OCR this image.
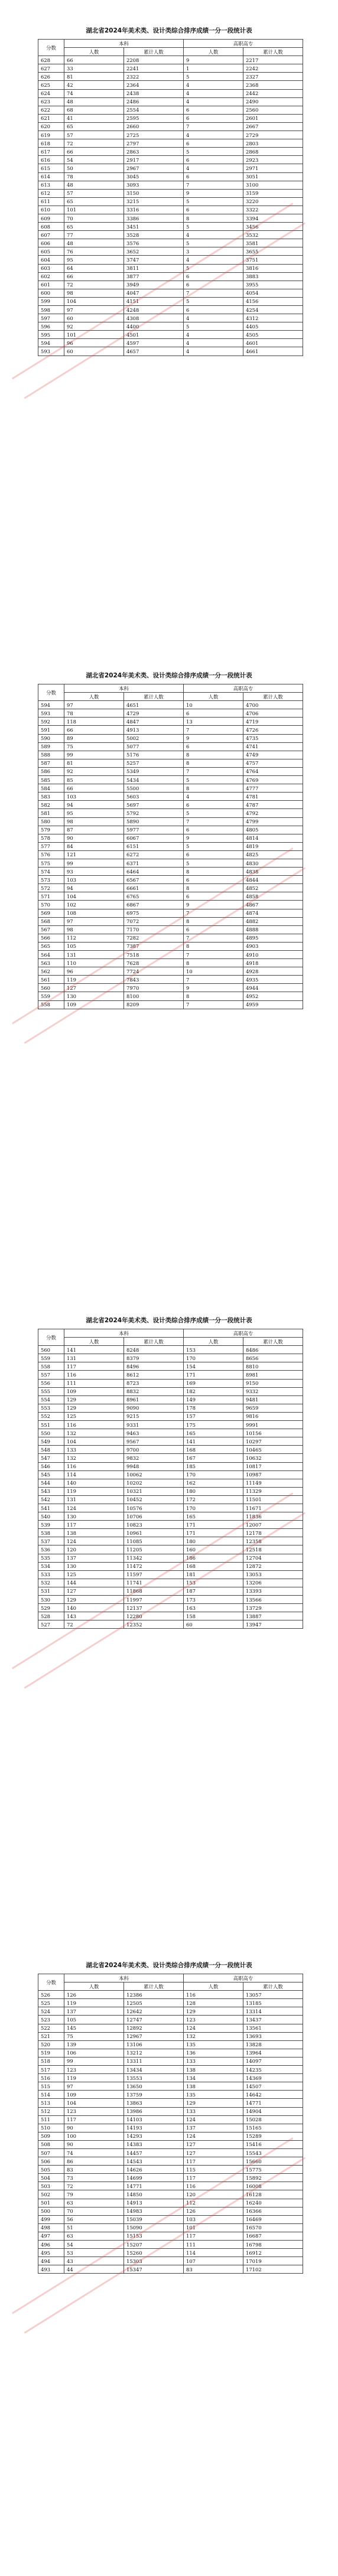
湖北省2024年美术类、设计类综合排序成绩一分一段统计表
分数	本科		高职高专	
	人数	累计人数	人数	累计人数
628	66	2208	9	2217
627	33	2241	1	2242
626	81	2322	5	2327
625	42	2364	4	2368
624	74	2438	4	2442
623	48	2486	4	2490
622	68	2554	6	2560
621	41	2595	6	2601
620	65	2660	7	2667
619	57	2725	4	2729
618	72	2797	6	2803
617	66	2863	5	2868
616	54	2917	6	2923
615	50	2967	4	2971
614	78	3045	6	3051
613	48	3093	7	3100
612	57	3150	9	3159
611	65	3215	5	3220
610	101	3316	6	3322
609	70	3386	8	3394
608	65	3451	5	3456
607	77	3528	4	3532
606	48	3576	5	3581
605	76	3652	3	3655
604	95	3747	4	3751
603	64	3811	5	3816
602	66	3877	6	3883
601	72	3949	6	3955
600	98	4047	7	4054
599	104	4151	5	4156
598	97	4248	6	4254
597	60	4308	4	4312
596	92	4400	5	4405
595	101	4501	4	4505
594	96	4597	4	4601
593	60	4657	4	4661
湖北省2024年美术类、设计类综合排序成绩一分一段统计表
分数	本科		高职高专	
	人数	累计人数	人数	累计人数
594	97	4651	10	4700
593	78	4729	6	4706
592	118	4847	13	4719
591	66	4913	7	4726
590	89	5002	9	4735
589	75	5077	6	4741
588	99	5176	8	4749
587	81	5257	8	4757
586	92	5349	7	4764
585	85	5434	5	4769
584	66	5500	8	4777
583	103	5603	4	4781
582	94	5697	6	4787
581	95	5792	5	4792
580	98	5890	7	4799
579	87	5977	6	4805
578	90	6067	9	4814
577	84	6151	5	4819
576	121	6272	6	4825
575	99	6371	5	4830
574	93	6464	8	4838
573	103	6567	6	4844
572	94	6661	8	4852
571	104	6765	6	4858
570	102	6867	9	4867
569	108	6975	7	4874
568	97	7072	8	4882
567	98	7170	6	4888
566	112	7282	7	4895
565	105	7387	8	4903
564	131	7518	7	4910
563	110	7628	8	4918
562	96	7724	10	4928
561	119	7843	7	4935
560	127	7970	9	4944
559	130	8100	8	4952
558	109	8209	7	4959
湖北省2024年美术类、设计类综合排序成绩一分一段统计表
分数	本科		高职高专	
	人数	累计人数	人数	累计人数
560	141	8248	153	8486
559	131	8379	170	8656
558	117	8496	154	8810
557	116	8612	171	8981
556	111	8723	169	9150
555	109	8832	182	9332
554	129	8961	149	9481
553	129	9090	178	9659
552	125	9215	157	9816
551	116	9331	175	9991
550	132	9463	165	10156
549	104	9567	141	10297
548	133	9700	168	10465
547	132	9832	167	10632
546	116	9948	185	10817
545	114	10062	170	10987
544	140	10202	162	11149
543	119	10321	180	11329
542	131	10452	172	11501
541	124	10576	170	11671
540	130	10706	165	11836
539	117	10823	171	12007
538	138	10961	171	12178
537	124	11085	180	12358
536	120	11205	160	12518
535	137	11342	186	12704
534	130	11472	168	12872
533	125	11597	181	13053
532	144	11741	153	13206
531	127	11868	187	13393
530	129	11997	173	13566
529	140	12137	163	13729
528	143	12280	158	13887
527	72	12352	60	13947
湖北省2024年美术类、设计类综合排序成绩一分一段统计表
分数	本科		高职高专	
	人数	累计人数	人数	累计人数
526	126	12386	116	13057
525	119	12505	128	13185
524	137	12642	129	13314
523	105	12747	123	13437
522	145	12892	124	13561
521	75	12967	132	13693
520	139	13106	135	13828
519	106	13212	136	13964
518	99	13311	133	14097
517	123	13434	138	14235
516	119	13553	134	14369
515	97	13650	138	14507
514	109	13759	135	14642
513	104	13863	129	14771
512	123	13986	133	14904
511	117	14103	124	15028
510	90	14193	137	15165
509	100	14293	124	15289
508	90	14383	127	15416
507	74	14457	127	15543
506	86	14543	117	15660
505	83	14626	115	15775
504	73	14699	117	15892
503	72	14771	116	16008
502	79	14850	120	16128
501	63	14913	112	16240
500	70	14983	126	16366
499	56	15039	103	16469
498	51	15090	101	16570
497	63	15153	117	16687
496	54	15207	111	16798
495	53	15260	114	16912
494	43	15303	107	17019
493	44	15347	83	17102
